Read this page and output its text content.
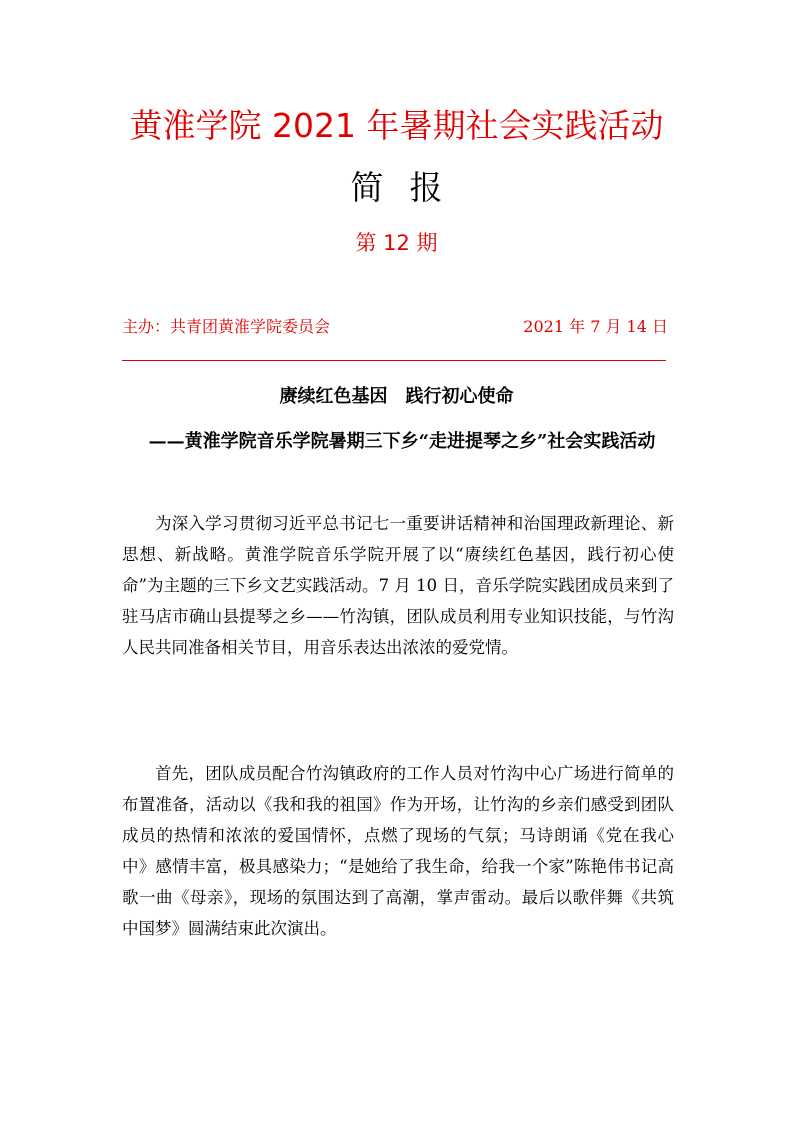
黄淮学院 2021 年暑期社会实践活动
简报
第 12 期
主办：共青团黄淮学院委员会	2021 年 7 月 14 日
赓续红色基因　践行初心使命
——黄淮学院音乐学院暑期三下乡“走进提琴之乡”社会实践活动

为深入学习贯彻习近平总书记七一重要讲话精神和治国理政新理论、新思想、新战略。黄淮学院音乐学院开展了以“赓续红色基因，践行初心使命”为主题的三下乡文艺实践活动。7 月 10 日，音乐学院实践团成员来到了驻马店市确山县提琴之乡——竹沟镇，团队成员利用专业知识技能，与竹沟人民共同准备相关节目，用音乐表达出浓浓的爱党情。

首先，团队成员配合竹沟镇政府的工作人员对竹沟中心广场进行简单的布置准备，活动以《我和我的祖国》作为开场，让竹沟的乡亲们感受到团队成员的热情和浓浓的爱国情怀，点燃了现场的气氛；马诗朗诵《党在我心中》感情丰富，极具感染力；“是她给了我生命，给我一个家”陈艳伟书记高歌一曲《母亲》，现场的氛围达到了高潮，掌声雷动。最后以歌伴舞《共筑中国梦》圆满结束此次演出。
